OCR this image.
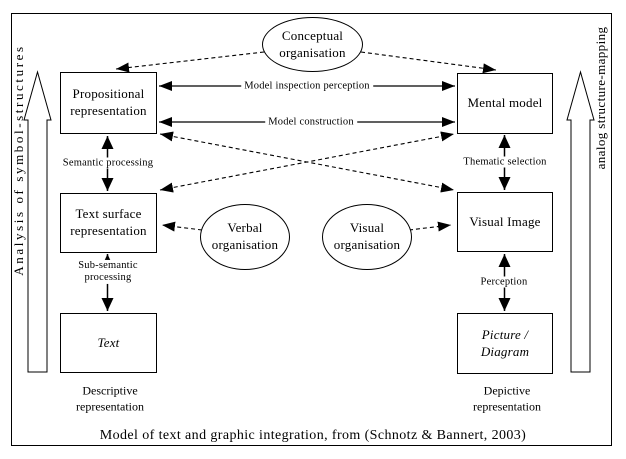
Conceptual organisation
Verbal organisation
Visual organisation
Propositional representation
Text surface representation
Text
Mental model
Visual Image
Picture / Diagram
Model inspection perception
Model construction
Semantic processing
Sub-semantic processing
Thematic selection
Perception
Descriptive representation
Depictive representation
Analysis of symbol-structures	analog structure-mapping
Model of text and graphic integration, from (Schnotz & Bannert, 2003)
